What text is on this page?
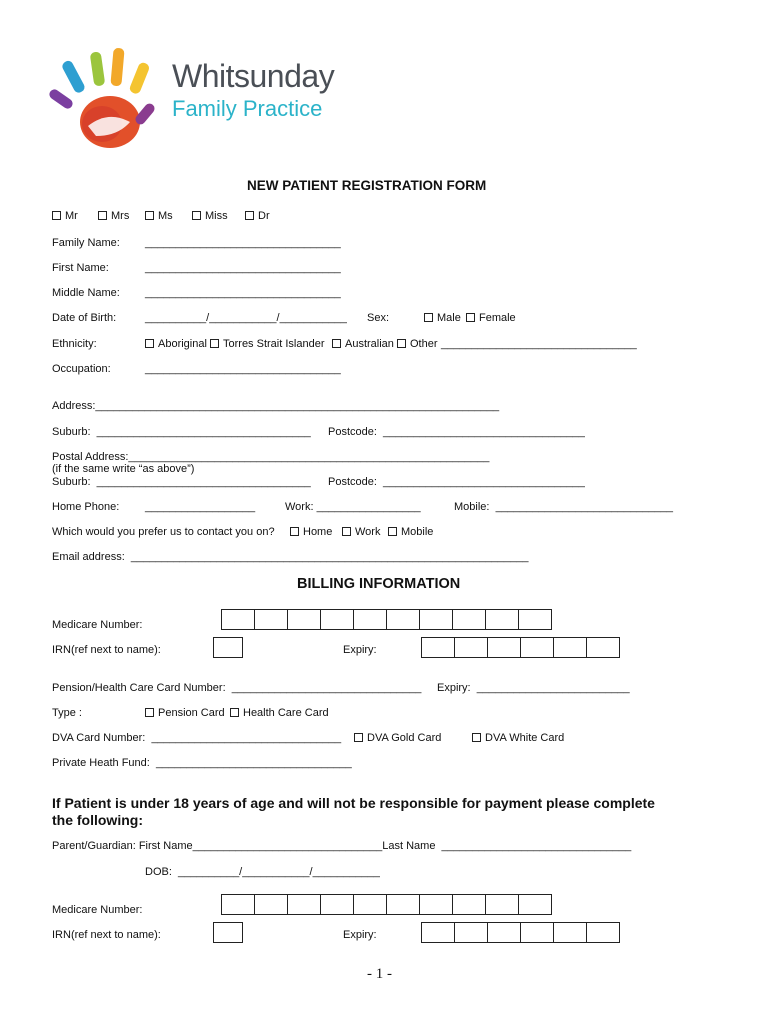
Whitsunday

Family Practice

NEW PATIENT REGISTRATION FORM
Mr	Mrs	Ms	Miss	Dr
Family Name: ________________________________
First Name:	________________________________
Middle Name: ________________________________
Date of Birth:	__________/___________/___________ Sex:	Male	Female
Ethnicity:	Aboriginal	Torres Strait Islander	Australian	Other ________________________________
Occupation:	________________________________
Address:__________________________________________________________________
Suburb:  ___________________________________ Postcode:  _________________________________
Postal Address:___________________________________________________________
(if the same write “as above”)
Suburb:  ___________________________________ Postcode:  _________________________________
Home Phone: __________________	Work: _________________	Mobile:  _____________________________
Which would you prefer us to contact you on?	Home	Work	Mobile
Email address:  _________________________________________________________________
BILLING INFORMATION
Medicare Number:
IRN(ref next to name):	Expiry:
Pension/Health Care Card Number:  _______________________________ Expiry:  _________________________
Type :	Pension Card	Health Care Card
DVA Card Number:  _______________________________	DVA Gold Card	DVA White Card
Private Heath Fund:  ________________________________
If Patient is under 18 years of age and will not be responsible for payment please complete the following:
Parent/Guardian: First Name_______________________________Last Name  _______________________________
DOB:  __________/___________/___________
Medicare Number:
IRN(ref next to name):	Expiry:
- 1 -
